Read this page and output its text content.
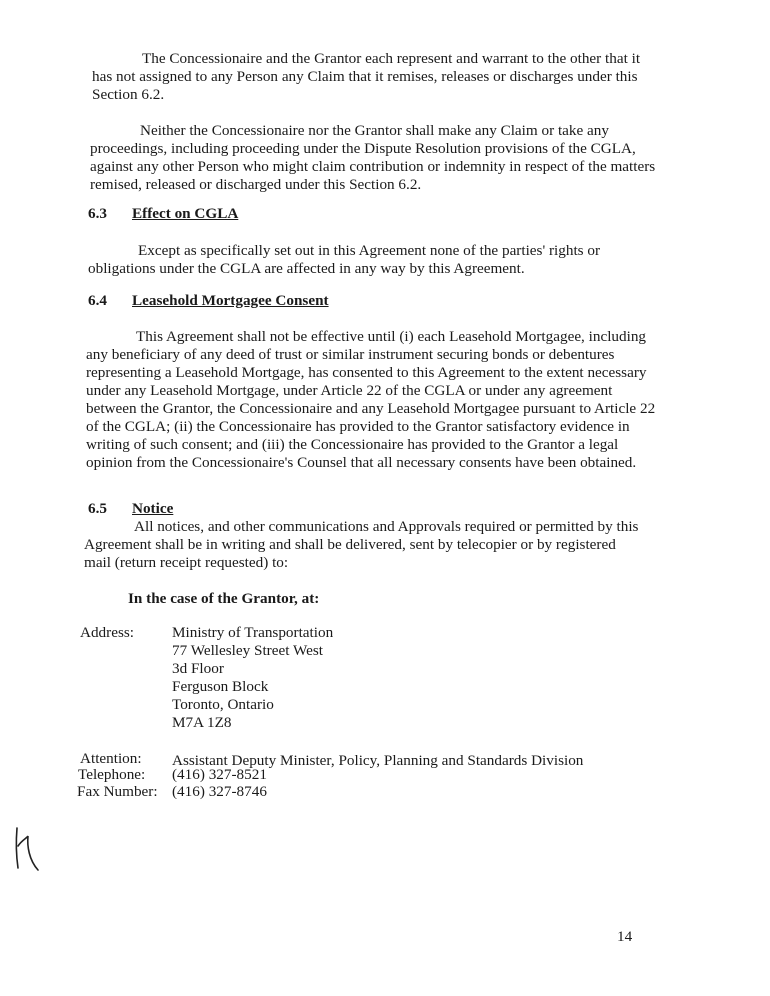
The Concessionaire and the Grantor each represent and warrant to the other that it has not assigned to any Person any Claim that it remises, releases or discharges under this Section 6.2.

Neither the Concessionaire nor the Grantor shall make any Claim or take any proceedings, including proceeding under the Dispute Resolution provisions of the CGLA, against any other Person who might claim contribution or indemnity in respect of the matters remised, released or discharged under this Section 6.2.

6.3 Effect on CGLA

Except as specifically set out in this Agreement none of the parties' rights or obligations under the CGLA are affected in any way by this Agreement.

6.4 Leasehold Mortgagee Consent

This Agreement shall not be effective until (i) each Leasehold Mortgagee, including any beneficiary of any deed of trust or similar instrument securing bonds or debentures representing a Leasehold Mortgage, has consented to this Agreement to the extent necessary under any Leasehold Mortgage, under Article 22 of the CGLA or under any agreement between the Grantor, the Concessionaire and any Leasehold Mortgagee pursuant to Article 22 of the CGLA; (ii) the Concessionaire has provided to the Grantor satisfactory evidence in writing of such consent; and (iii) the Concessionaire has provided to the Grantor a legal opinion from the Concessionaire's Counsel that all necessary consents have been obtained.

6.5 Notice

All notices, and other communications and Approvals required or permitted by this Agreement shall be in writing and shall be delivered, sent by telecopier or by registered mail (return receipt requested) to:

In the case of the Grantor, at:

Address:	Ministry of Transportation
77 Wellesley Street West
3d Floor
Ferguson Block
Toronto, Ontario
M7A 1Z8

Attention: Assistant Deputy Minister, Policy, Planning and Standards Division

Telephone: (416) 327-8521

Fax Number: (416) 327-8746

14
